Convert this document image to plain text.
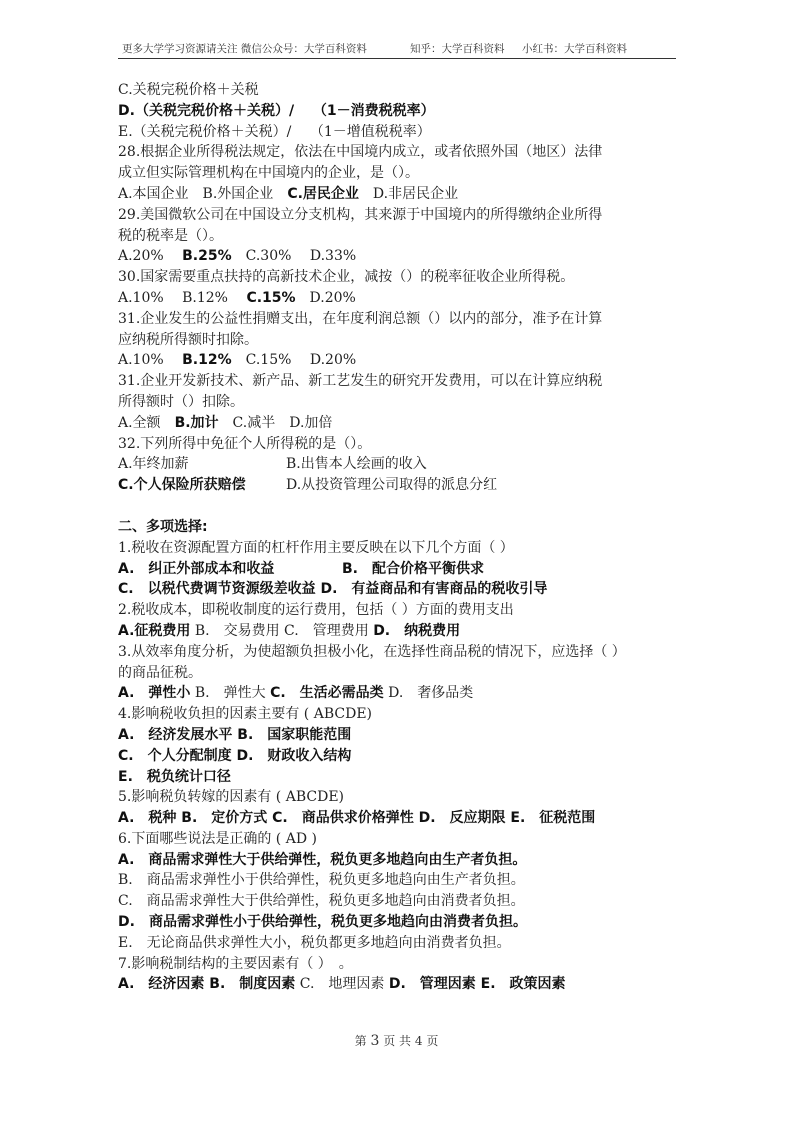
更多大学学习资源请关注 微信公众号：大学百科资料	知乎：大学百科资料 小红书：大学百科资料
C.关税完税价格＋关税
D.（关税完税价格＋关税）/　 （1－消费税税率）
E.（关税完税价格＋关税）/　 （1－增值税税率）
28.根据企业所得税法规定，依法在中国境内成立，或者依照外国（地区）法律
成立但实际管理机构在中国境内的企业，是（）。
A.本国企业　B.外国企业　C.居民企业　D.非居民企业
29.美国微软公司在中国设立分支机构，其来源于中国境内的所得缴纳企业所得
税的税率是（）。
A.20%　 B.25%　C.30%　 D.33%
30.国家需要重点扶持的高新技术企业，减按（）的税率征收企业所得税。
A.10%　 B.12%　 C.15%　D.20%
31.企业发生的公益性捐赠支出，在年度利润总额（）以内的部分，准予在计算
应纳税所得额时扣除。
A.10%　 B.12%　C.15%　 D.20%
31.企业开发新技术、新产品、新工艺发生的研究开发费用，可以在计算应纳税
所得额时（）扣除。
A.全额　B.加计　C.减半　D.加倍
32.下列所得中免征个人所得税的是（）。
A.年终加薪	B.出售本人绘画的收入
C.个人保险所获赔偿	D.从投资管理公司取得的派息分红
二、多项选择:
1.税收在资源配置方面的杠杆作用主要反映在以下几个方面（ ）
A.　纠正外部成本和收益	B.　配合价格平衡供求
C.　以税代费调节资源级差收益 D.　有益商品和有害商品的税收引导
2.税收成本，即税收制度的运行费用，包括（ ）方面的费用支出
A.征税费用 B.　交易费用 C.　管理费用 D.　纳税费用
3.从效率角度分析，为使超额负担极小化，在选择性商品税的情况下，应选择（ ）
的商品征税。
A.　弹性小 B.　弹性大 C.　生活必需品类 D.　奢侈品类
4.影响税收负担的因素主要有 ( ABCDE)
A.　经济发展水平 B.　国家职能范围
C.　个人分配制度 D.　财政收入结构
E.　税负统计口径
5.影响税负转嫁的因素有 ( ABCDE)
A.　税种 B.　定价方式 C.　商品供求价格弹性 D.　反应期限 E.　征税范围
6.下面哪些说法是正确的 ( AD )
A.　商品需求弹性大于供给弹性，税负更多地趋向由生产者负担。
B.　商品需求弹性小于供给弹性，税负更多地趋向由生产者负担。
C.　商品需求弹性大于供给弹性，税负更多地趋向由消费者负担。
D.　商品需求弹性小于供给弹性，税负更多地趋向由消费者负担。
E.　无论商品供求弹性大小，税负都更多地趋向由消费者负担。
7.影响税制结构的主要因素有（ ）　。
A.　经济因素 B.　制度因素 C.　地理因素 D.　管理因素 E.　政策因素
第 3 页 共 4 页
